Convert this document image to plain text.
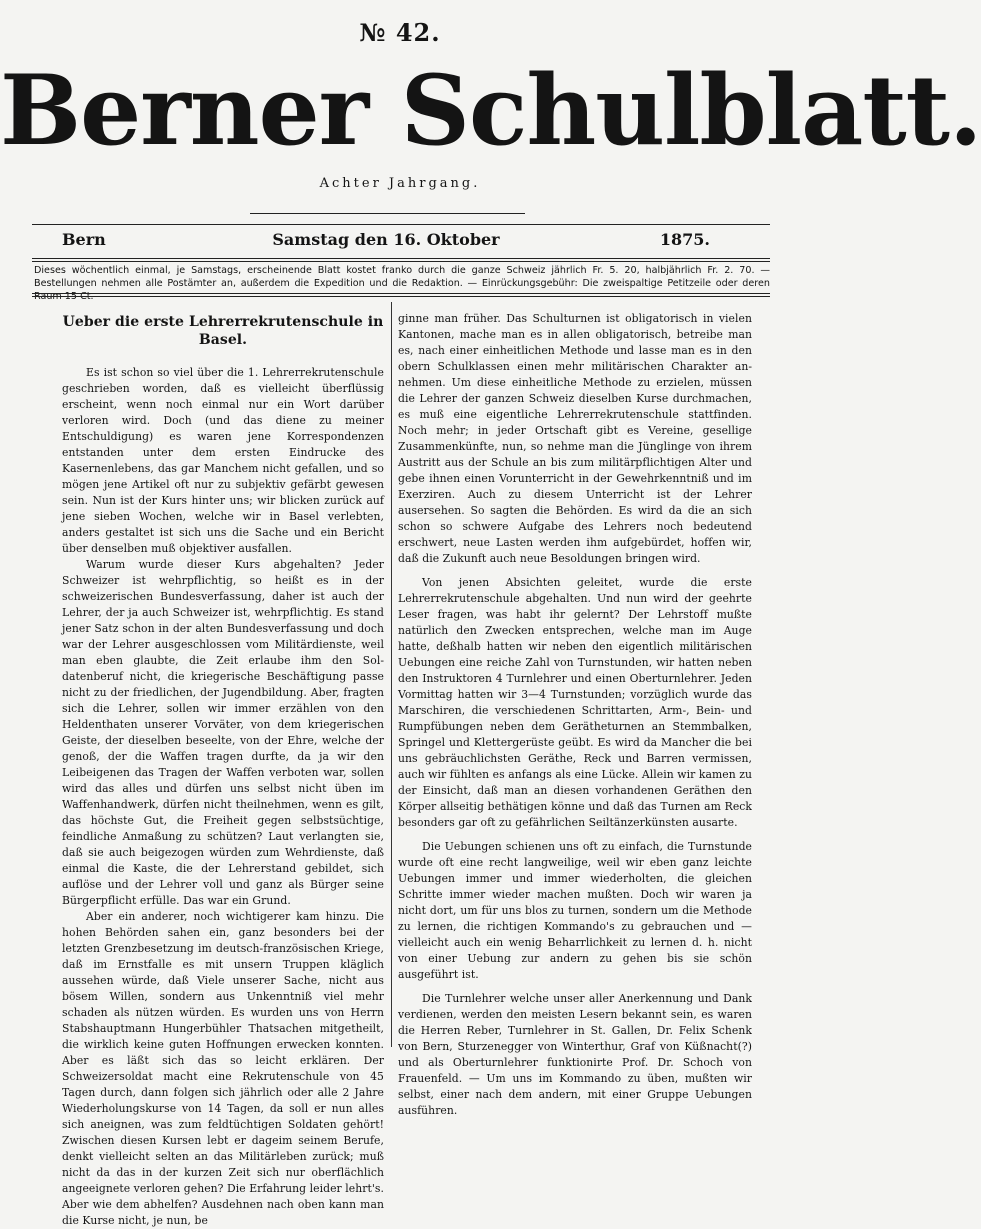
№ 42.
Berner Schulblatt.
Achter Jahrgang.
Bern	Samstag den 16. Oktober	1875.
Dieses wöchentlich einmal, je Samstags, erscheinende Blatt kostet franko durch die ganze Schweiz jährlich Fr. 5. 20, halbjährlich Fr. 2. 70. — Bestellungen nehmen alle Postämter an, außerdem die Expedition und die Redaktion. — Einrückungsgebühr: Die zweispaltige Petitzeile oder deren Raum 15 Ct.

Ueber die erste Lehrerrekrutenschule in Basel.

Es ist schon so viel über die 1. Lehrerrekrutenschule geschrieben worden, daß es vielleicht überflüssig erscheint, wenn noch einmal nur ein Wort darüber verloren wird. Doch (und das diene zu meiner Entschuldigung) es waren jene Korrespondenzen entstanden unter dem ersten Eindrucke des Kasernenlebens, das gar Manchem nicht gefallen, und so mögen jene Artikel oft nur zu subjektiv gefärbt gewesen sein. Nun ist der Kurs hinter uns; wir blicken zurück auf jene sieben Wochen, welche wir in Basel verlebten, anders gestaltet ist sich uns die Sache und ein Bericht über denselben muß objektiver ausfallen.

Warum wurde dieser Kurs abgehalten? Jeder Schweizer ist wehrpflichtig, so heißt es in der schweizerischen Bundesverfassung, daher ist auch der Lehrer, der ja auch Schweizer ist, wehrpflichtig. Es stand jener Satz schon in der alten Bundesverfassung und doch war der Lehrer ausgeschlossen vom Militärdienste, weil man eben glaubte, die Zeit erlaube ihm den Soldatenberuf nicht, die kriegerische Beschäftigung passe nicht zu der friedlichen, der Jugendbildung. Aber, fragten sich die Lehrer, sollen wir immer erzählen von den Heldenthaten unserer Vorväter, von dem kriegerischen Geiste, der dieselben beseelte, von der Ehre, welche der genoß, der die Waffen tragen durfte, da ja wir den Leibeigenen das Tragen der Waffen verboten war, sollen wird das alles und dürfen uns selbst nicht üben im Waffenhandwerk, dürfen nicht theilnehmen, wenn es gilt, das höchste Gut, die Freiheit gegen selbstsüchtige, feindliche Anmaßung zu schützen? Laut verlangten sie, daß sie auch beigezogen würden zum Wehrdienste, daß einmal die Kaste, die der Lehrerstand gebildet, sich auflöse und der Lehrer voll und ganz als Bürger seine Bürgerpflicht erfülle. Das war ein Grund.

Aber ein anderer, noch wichtigerer kam hinzu. Die hohen Behörden sahen ein, ganz besonders bei der letzten Grenzbesetzung im deutsch-französischen Kriege, daß im Ernstfalle es mit unsern Truppen kläglich aussehen würde, daß Viele unserer Sache, nicht aus bösem Willen, sondern aus Unkenntniß viel mehr schaden als nützen würden. Es wurden uns von Herrn Stabshauptmann Hungerbühler Thatsachen mitgetheilt, die wirklich keine guten Hoffnungen erwecken konnten. Aber es läßt sich das so leicht erklären. Der Schweizersoldat macht eine Rekrutenschule von 45 Tagen durch, dann folgen sich jährlich oder alle 2 Jahre Wiederholungskurse von 14 Tagen, da soll er nun alles sich aneignen, was zum feldtüchtigen Soldaten gehört! Zwischen diesen Kursen lebt er dageim seinem Berufe, denkt vielleicht selten an das Militärleben zurück; muß nicht da das in der kurzen Zeit sich nur oberflächlich angeeignete verloren gehen? Die Erfahrung leider lehrt's. Aber wie dem abhelfen? Ausdehnen nach oben kann man die Kurse nicht, je nun, be

ginne man früher. Das Schulturnen ist obligatorisch in vielen Kantonen, mache man es in allen obligatorisch, betreibe man es, nach einer einheitlichen Methode und lasse man es in den obern Schulklassen einen mehr militärischen Charakter annehmen. Um diese einheitliche Methode zu erzielen, müssen die Lehrer der ganzen Schweiz dieselben Kurse durchmachen, es muß eine eigentliche Lehrerrekrutenschule stattfinden. Noch mehr; in jeder Ortschaft gibt es Vereine, gesellige Zusammenkünfte, nun, so nehme man die Jünglinge von ihrem Austritt aus der Schule an bis zum militärpflichtigen Alter und gebe ihnen einen Vorunterricht in der Gewehrkenntniß und im Exerziren. Auch zu diesem Unterricht ist der Lehrer ausersehen. So sagten die Behörden. Es wird da die an sich schon so schwere Aufgabe des Lehrers noch bedeutend erschwert, neue Lasten werden ihm aufgebürdet, hoffen wir, daß die Zukunft auch neue Besoldungen bringen wird.

Von jenen Absichten geleitet, wurde die erste Lehrerrekrutenschule abgehalten. Und nun wird der geehrte Leser fragen, was habt ihr gelernt? Der Lehrstoff mußte natürlich den Zwecken entsprechen, welche man im Auge hatte, deßhalb hatten wir neben den eigentlich militärischen Uebungen eine reiche Zahl von Turnstunden, wir hatten neben den Instruktoren 4 Turnlehrer und einen Oberturnlehrer. Jeden Vormittag hatten wir 3—4 Turnstunden; vorzüglich wurde das Marschiren, die verschiedenen Schrittarten, Arm-, Bein- und Rumpfübungen neben dem Gerätheturnen an Stemmbalken, Springel und Klettergerüste geübt. Es wird da Mancher die bei uns gebräuchlichsten Geräthe, Reck und Barren vermissen, auch wir fühlten es anfangs als eine Lücke. Allein wir kamen zu der Einsicht, daß man an diesen vorhandenen Geräthen den Körper allseitig bethätigen könne und daß das Turnen am Reck besonders gar oft zu gefährlichen Seiltänzerkünsten ausarte.

Die Uebungen schienen uns oft zu einfach, die Turnstunde wurde oft eine recht langweilige, weil wir eben ganz leichte Uebungen immer und immer wiederholten, die gleichen Schritte immer wieder machen mußten. Doch wir waren ja nicht dort, um für uns blos zu turnen, sondern um die Methode zu lernen, die richtigen Kommando's zu gebrauchen und — vielleicht auch ein wenig Beharrlichkeit zu lernen d. h. nicht von einer Uebung zur andern zu gehen bis sie schön ausgeführt ist.

Die Turnlehrer welche unser aller Anerkennung und Dank verdienen, werden den meisten Lesern bekannt sein, es waren die Herren Reber, Turnlehrer in St. Gallen, Dr. Felix Schenk von Bern, Sturzenegger von Winterthur, Graf von Küßnacht(?) und als Oberturnlehrer funktionirte Prof. Dr. Schoch von Frauenfeld. — Um uns im Kommando zu üben, mußten wir selbst, einer nach dem andern, mit einer Gruppe Uebungen ausführen.
